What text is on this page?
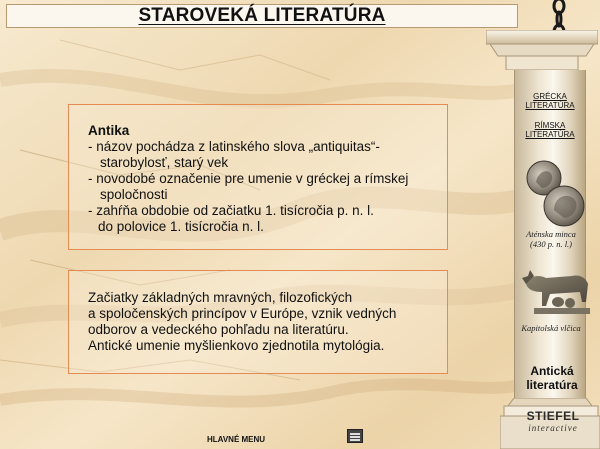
STAROVEKÁ LITERATÚRA
Antika
- názov pochádza z latinského slova „antiquitas“-
starobylosť, starý vek
- novodobé označenie pre umenie v gréckej a rímskej
spoločnosti
- zahŕňa obdobie od začiatku 1. tisícročia p. n. l.
do polovice 1. tisícročia n. l.
Začiatky základných mravných, filozofických
a spoločenských princípov v Európe, vznik vedných
odborov a vedeckého pohľadu na literatúru.
Antické umenie myšlienkovo zjednotila mytológia.
GRÉCKA
LITERATÚRA
RÍMSKA
LITERATÚRA
Aténska minca
(430 p. n. l.)
Kapitolská vlčica
Antická
literatúra
STIEFEL
interactive
HLAVNÉ MENU
